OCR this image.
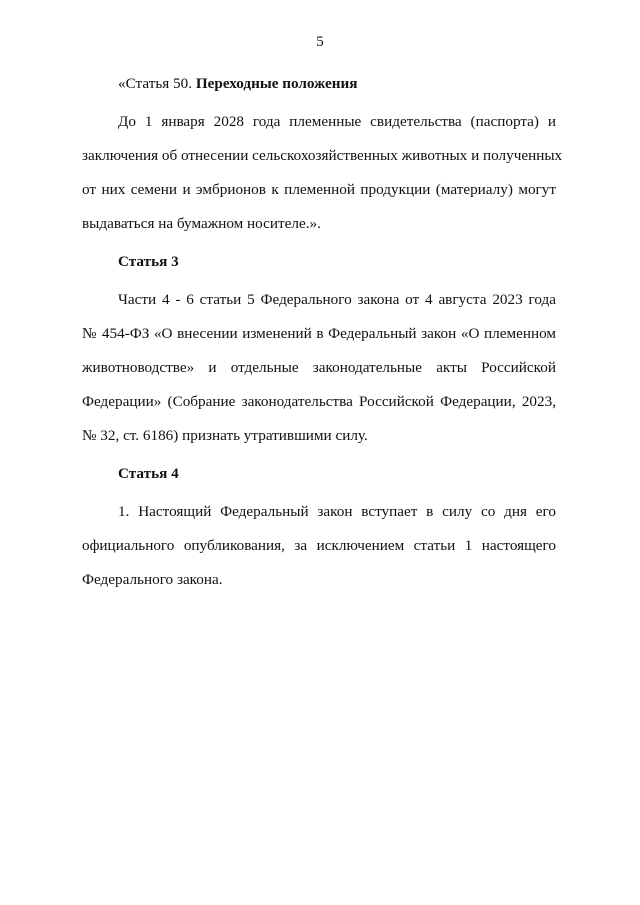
5
«Статья 50. Переходные положения
До 1 января 2028 года племенные свидетельства (паспорта) и
заключения об отнесении сельскохозяйственных животных и полученных
от них семени и эмбрионов к племенной продукции (материалу) могут
выдаваться на бумажном носителе.».
Статья 3
Части 4 - 6 статьи 5 Федерального закона от 4 августа 2023 года
№ 454-ФЗ «О внесении изменений в Федеральный закон «О племенном
животноводстве» и отдельные законодательные акты Российской
Федерации» (Собрание законодательства Российской Федерации, 2023,
№ 32, ст. 6186) признать утратившими силу.
Статья 4
1. Настоящий Федеральный закон вступает в силу со дня его
официального опубликования, за исключением статьи 1 настоящего
Федерального закона.
